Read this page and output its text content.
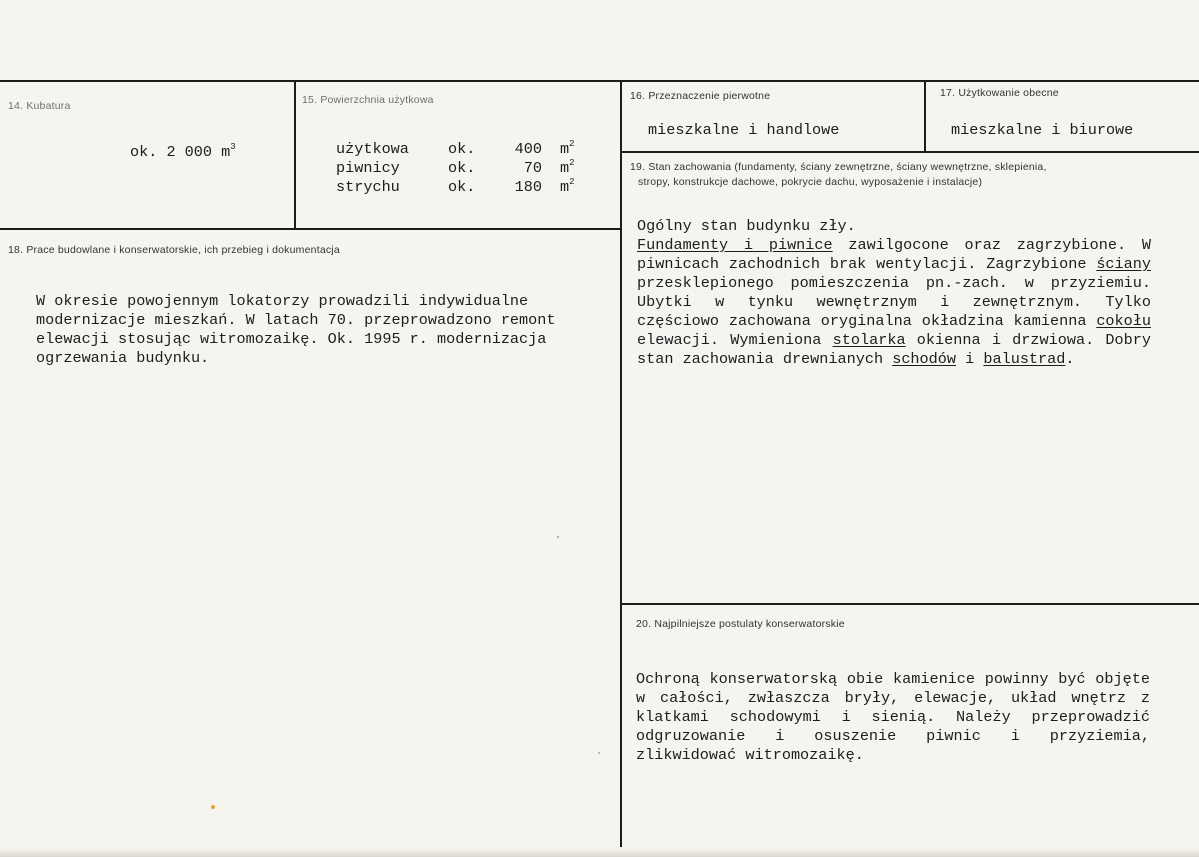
14. Kubatura
ok. 2 000 $m^3$
15. Powierzchnia użytkowa
użytkowa	ok.	400	$m^2$
piwnicy	ok.	70	$m^2$
strychu	ok.	180	$m^2$
16. Przeznaczenie pierwotne
mieszkalne i handlowe
17. Użytkowanie obecne
mieszkalne i biurowe
18. Prace budowlane i konserwatorskie, ich przebieg i dokumentacja
W okresie powojennym lokatorzy prowadzili indywidualne
modernizacje mieszkań. W latach 70. przeprowadzono remont
elewacji stosując witromozaikę. Ok. 1995 r. modernizacja
ogrzewania budynku.
19. Stan zachowania (fundamenty, ściany zewnętrzne, ściany wewnętrzne, sklepienia,
stropy, konstrukcje dachowe, pokrycie dachu, wyposażenie i instalacje)
Ogólny stan budynku zły.
Fundamenty i piwnice zawilgocone oraz zagrzybione. W piwnicach zachodnich brak wentylacji. Zagrzybione ściany przesklepionego pomieszczenia pn.-zach. w przyziemiu. Ubytki w tynku wewnętrznym i zewnętrznym. Tylko częściowo zachowana oryginalna okładzina kamienna cokołu elewacji. Wymieniona stolarka okienna i drzwiowa. Dobry stan zachowania drewnianych schodów i balustrad.
20. Najpilniejsze postulaty konserwatorskie
Ochroną konserwatorską obie kamienice powinny być objęte w całości, zwłaszcza bryły, elewacje, układ wnętrz z klatkami schodowymi i sienią. Należy przeprowadzić odgruzowanie i osuszenie piwnic i przyziemia, zlikwidować witromozaikę.
